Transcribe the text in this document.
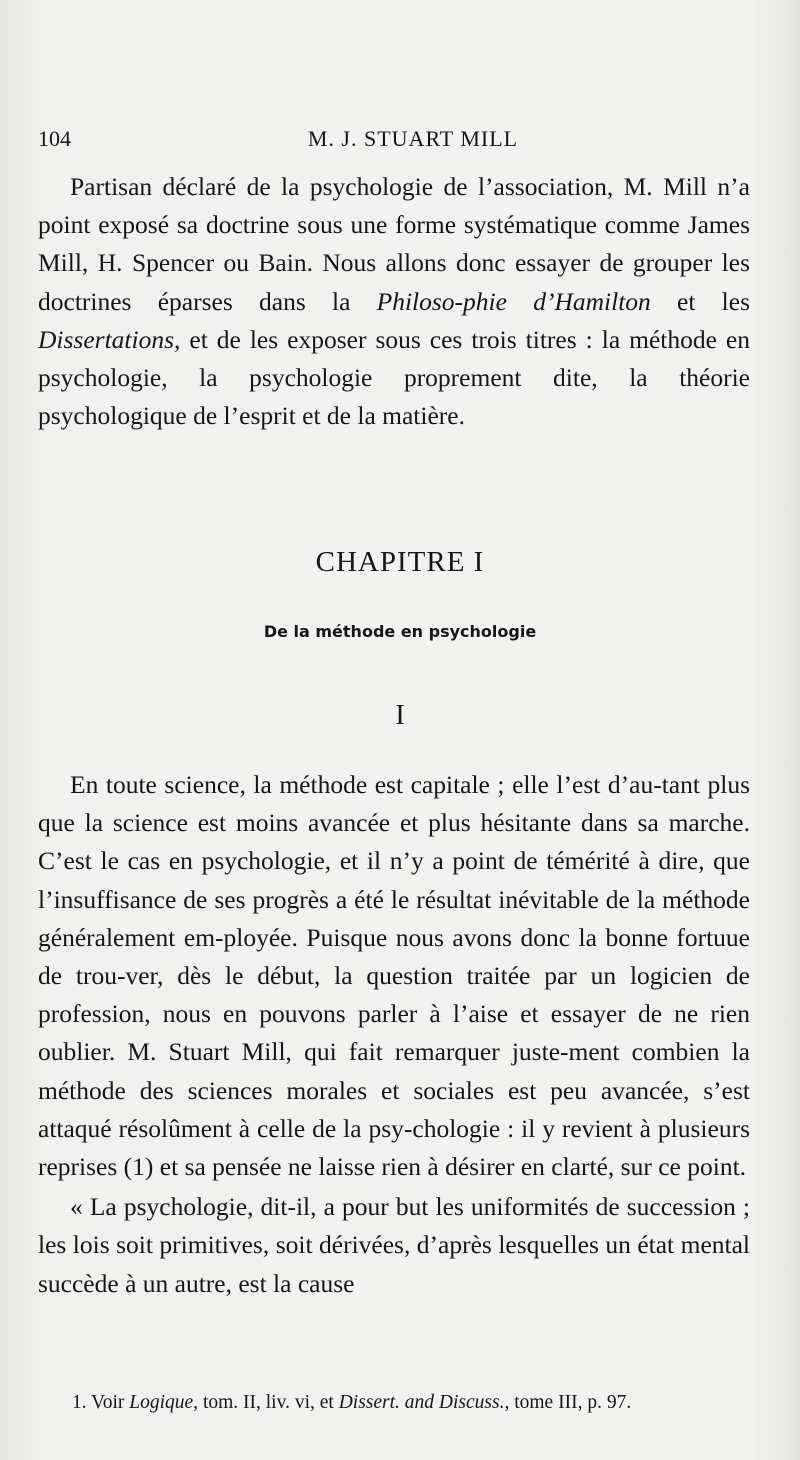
104	M. J. STUART MILL

Partisan déclaré de la psychologie de l’association, M. Mill n’a point exposé sa doctrine sous une forme systématique comme James Mill, H. Spencer ou Bain. Nous allons donc essayer de grouper les doctrines éparses dans la Philoso-phie d’Hamilton et les Dissertations, et de les exposer sous ces trois titres : la méthode en psychologie, la psychologie proprement dite, la théorie psychologique de l’esprit et de la matière.

CHAPITRE I
De la méthode en psychologie
I

En toute science, la méthode est capitale ; elle l’est d’au-tant plus que la science est moins avancée et plus hésitante dans sa marche. C’est le cas en psychologie, et il n’y a point de témérité à dire, que l’insuffisance de ses progrès a été le résultat inévitable de la méthode généralement em-ployée. Puisque nous avons donc la bonne fortuue de trou-ver, dès le début, la question traitée par un logicien de profession, nous en pouvons parler à l’aise et essayer de ne rien oublier. M. Stuart Mill, qui fait remarquer juste-ment combien la méthode des sciences morales et sociales est peu avancée, s’est attaqué résolûment à celle de la psy-chologie : il y revient à plusieurs reprises (1) et sa pensée ne laisse rien à désirer en clarté, sur ce point.

« La psychologie, dit-il, a pour but les uniformités de succession ; les lois soit primitives, soit dérivées, d’après lesquelles un état mental succède à un autre, est la cause

1. Voir Logique, tom. II, liv. vi, et Dissert. and Discuss., tome III, p. 97.
